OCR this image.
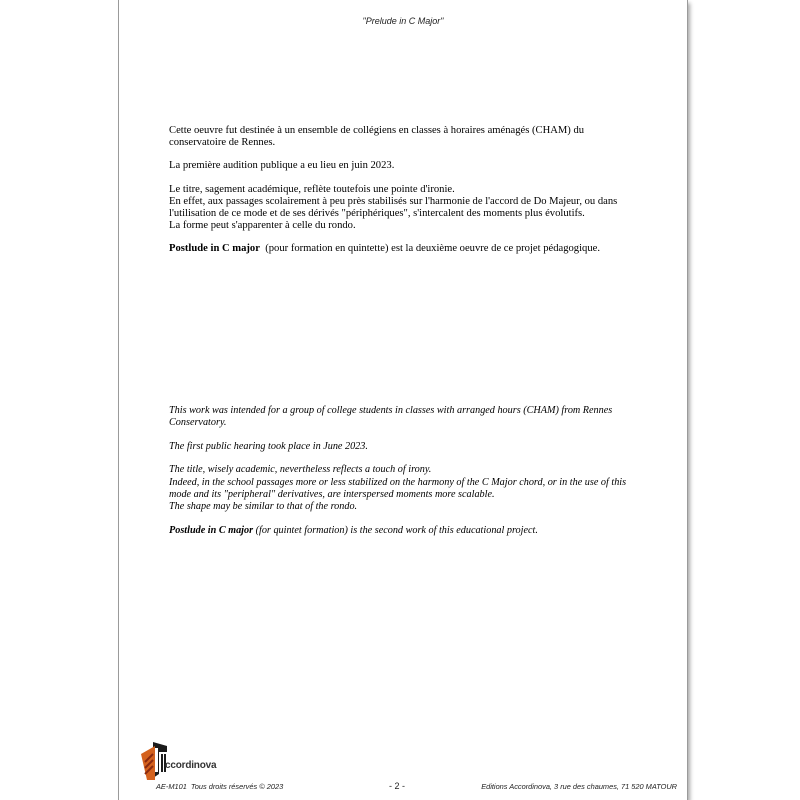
"Prelude in C Major"

Cette oeuvre fut destinée à un ensemble de collégiens en classes à horaires aménagés (CHAM) du conservatoire de Rennes.

La première audition publique a eu lieu en juin 2023.

Le titre, sagement académique, reflète toutefois une pointe d'ironie.
En effet, aux passages scolairement à peu près stabilisés sur l'harmonie de l'accord de Do Majeur, ou dans l'utilisation de ce mode et de ses dérivés "périphériques", s'intercalent des moments plus évolutifs.
La forme peut s'apparenter à celle du rondo.

Postlude in C major  (pour formation en quintette) est la deuxième oeuvre de ce projet pédagogique.

This work was intended for a group of college students in classes with arranged hours (CHAM) from Rennes Conservatory.

The first public hearing took place in June 2023.

The title, wisely academic, nevertheless reflects a touch of irony.
Indeed, in the school passages more or less stabilized on the harmony of the C Major chord, or in the use of this mode and its "peripheral" derivatives, are interspersed moments more scalable.
The shape may be similar to that of the rondo.

Postlude in C major (for quintet formation) is the second work of this educational project.

ccordinova
AE-M101  Tous droits réservés © 2023	- 2 -	Editions Accordinova, 3 rue des chaumes, 71 520 MATOUR
